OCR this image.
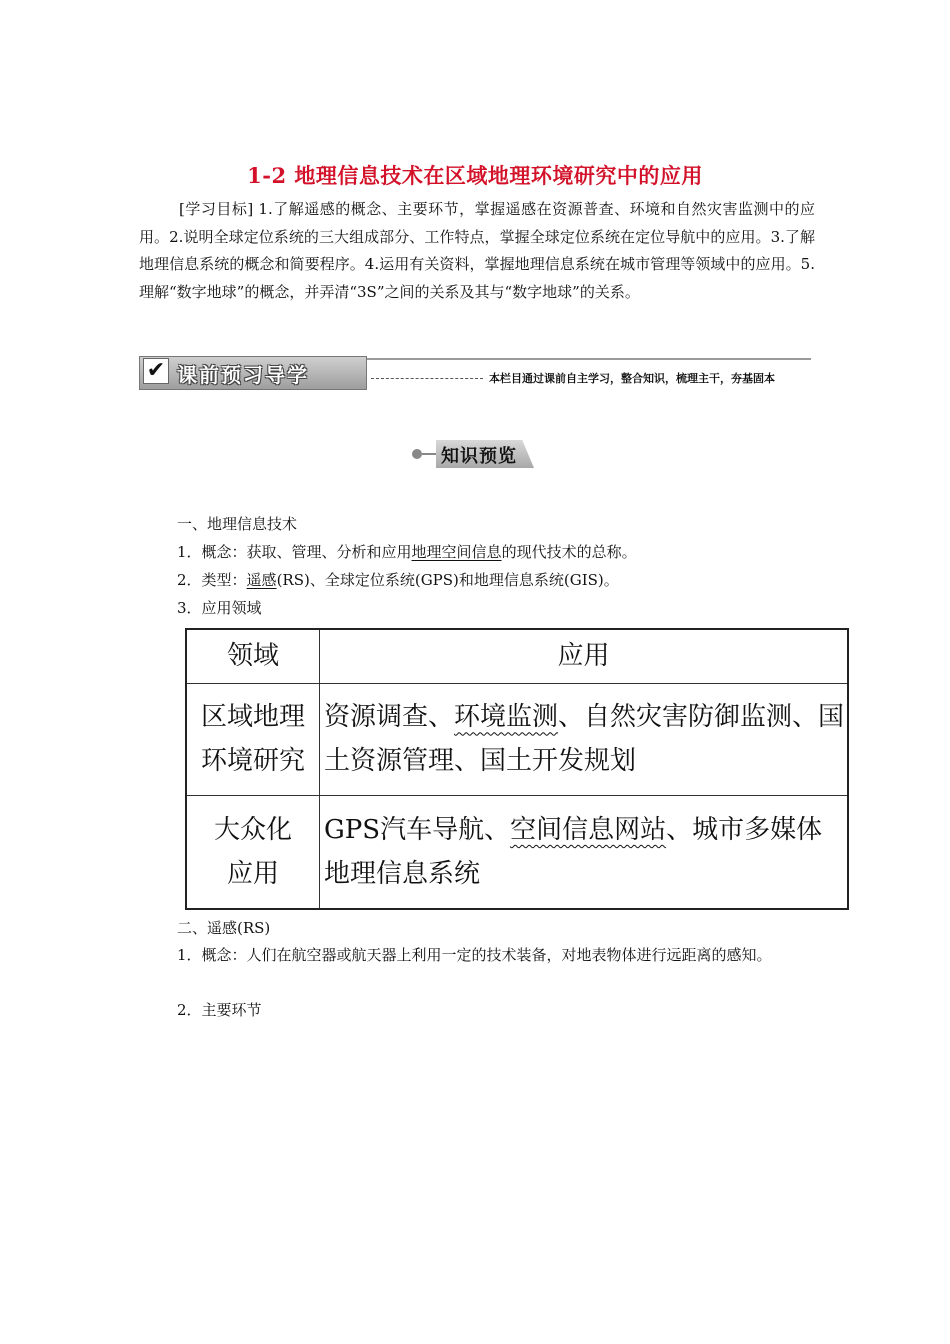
1-2 地理信息技术在区域地理环境研究中的应用
[学习目标] 1.了解遥感的概念、主要环节，掌握遥感在资源普查、环境和自然灾害监测中的应用。2.说明全球定位系统的三大组成部分、工作特点，掌握全球定位系统在定位导航中的应用。3.了解地理信息系统的概念和简要程序。4.运用有关资料，掌握地理信息系统在城市管理等领域中的应用。5.理解“数字地球”的概念，并弄清“3S”之间的关系及其与“数字地球”的关系。
✔ 课前预习导学	本栏目通过课前自主学习，整合知识，梳理主干，夯基固本
知识预览
一、地理信息技术
1．概念：获取、管理、分析和应用地理空间信息的现代技术的总称。
2．类型：遥感(RS)、全球定位系统(GPS)和地理信息系统(GIS)。
3．应用领域
领域	应用

区域地理
环境研究	资源调查、环境监测、自然灾害防御监测、国土资源管理、国土开发规划

大众化
应用	GPS汽车导航、空间信息网站、城市多媒体地理信息系统
二、遥感(RS)
1．概念：人们在航空器或航天器上利用一定的技术装备，对地表物体进行远距离的感知。
2．主要环节
